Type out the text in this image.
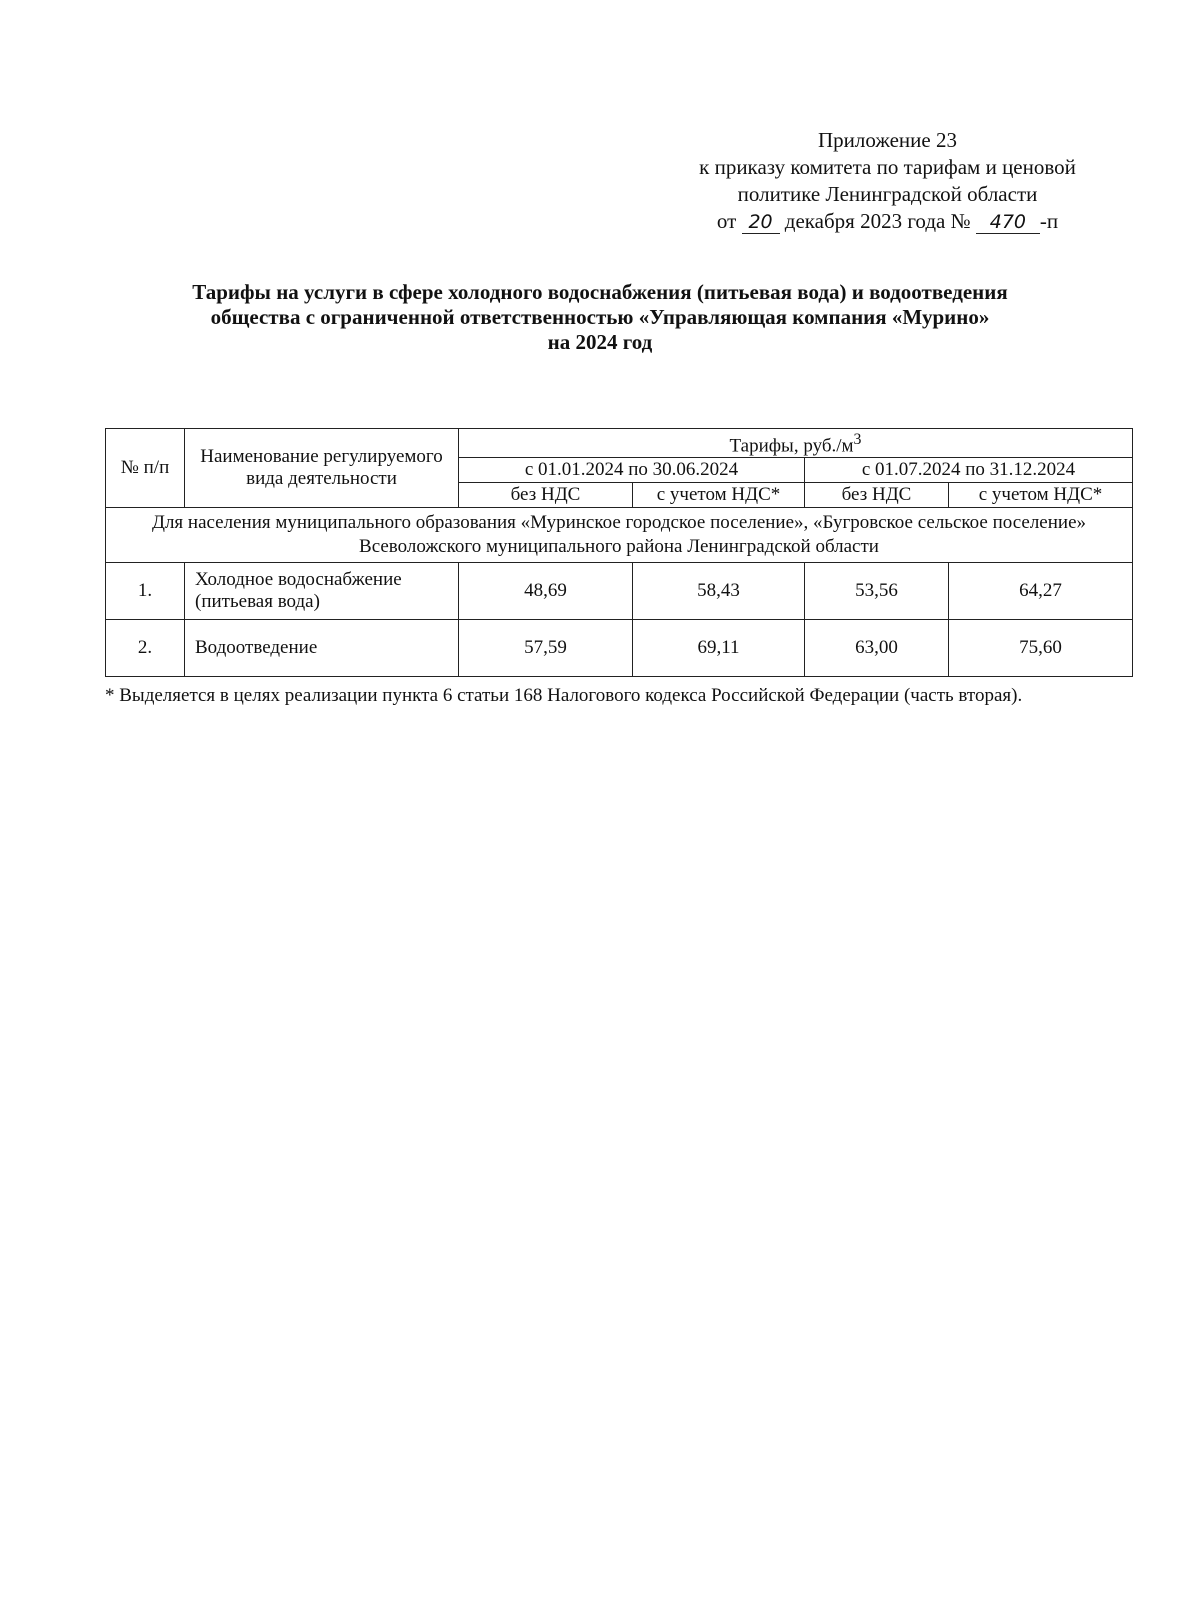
Приложение 23
к приказу комитета по тарифам и ценовой
политике Ленинградской области
от 20 декабря 2023 года № 470 -п
Тарифы на услуги в сфере холодного водоснабжения (питьевая вода) и водоотведения
общества с ограниченной ответственностью «Управляющая компания «Мурино»
на 2024 год
№ п/п	Наименование регулируемого вида деятельности	Тарифы, $руб./м^3$
		с 01.01.2024 по 30.06.2024		с 01.07.2024 по 31.12.2024	
		без НДС	с учетом НДС*	без НДС	с учетом НДС*
Для населения муниципального образования «Муринское городское поселение», «Бугровское сельское поселение» Всеволожского муниципального района Ленинградской области					
1.	Холодное водоснабжение (питьевая вода)	48,69	58,43	53,56	64,27
2.	Водоотведение	57,59	69,11	63,00	75,60
* Выделяется в целях реализации пункта 6 статьи 168 Налогового кодекса Российской Федерации (часть вторая).
